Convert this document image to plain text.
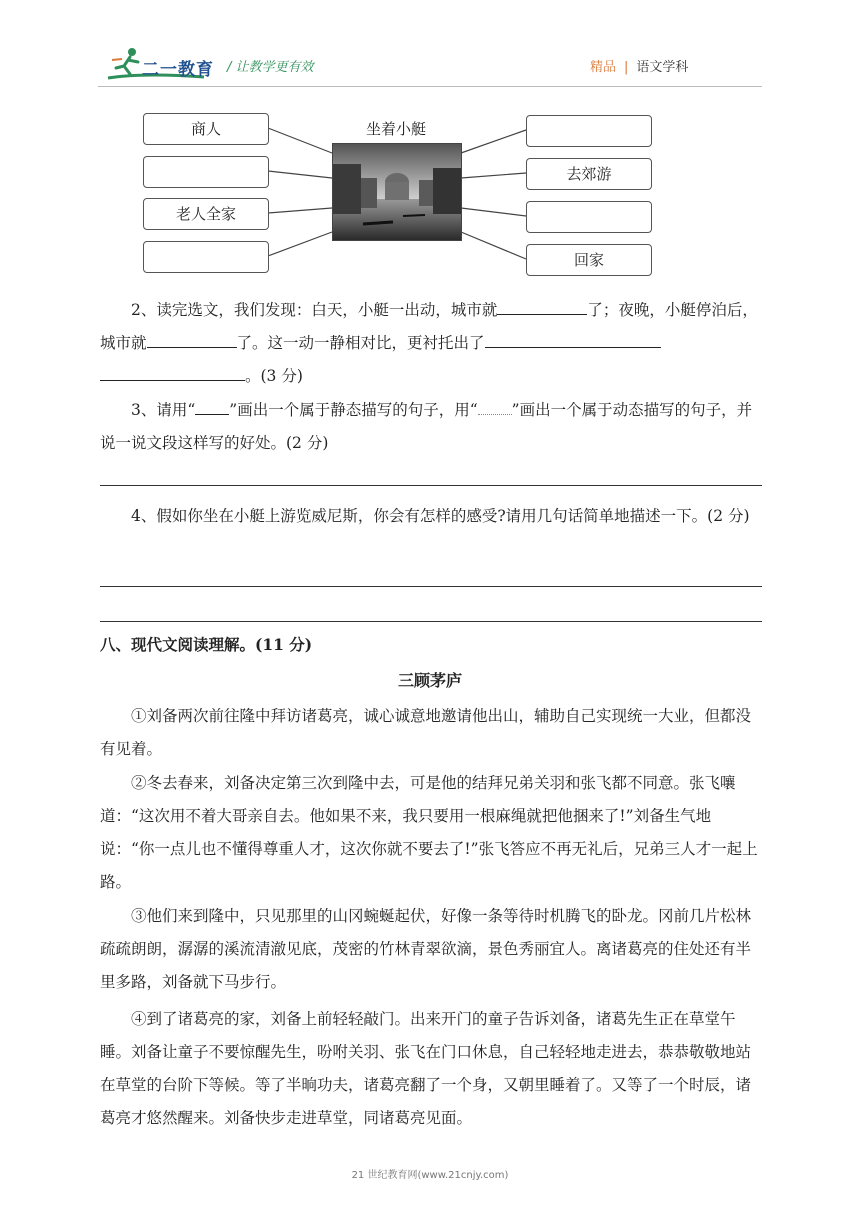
二一教育 / 让教学更有效	精品 | 语文学科
商人
老人全家
去郊游
回家
坐着小艇
2、读完选文，我们发现：白天，小艇一出动，城市就	了；夜晚，小艇停泊后，城市就	了。这一动一静相对比，更衬托出了
。(3 分)
3、请用“ ”画出一个属于静态描写的句子，用“ ”画出一个属于动态描写的句子，并说一说文段这样写的好处。(2 分)
4、假如你坐在小艇上游览威尼斯，你会有怎样的感受?请用几句话简单地描述一下。(2 分)
八、现代文阅读理解。(11 分)
三顾茅庐
①刘备两次前往隆中拜访诸葛亮，诚心诚意地邀请他出山，辅助自己实现统一大业，但都没有见着。
②冬去春来，刘备决定第三次到隆中去，可是他的结拜兄弟关羽和张飞都不同意。张飞嚷道：“这次用不着大哥亲自去。他如果不来，我只要用一根麻绳就把他捆来了!”刘备生气地说：“你一点儿也不懂得尊重人才，这次你就不要去了!”张飞答应不再无礼后，兄弟三人才一起上路。
③他们来到隆中，只见那里的山冈蜿蜒起伏，好像一条等待时机腾飞的卧龙。冈前几片松林疏疏朗朗，潺潺的溪流清澈见底，茂密的竹林青翠欲滴，景色秀丽宜人。离诸葛亮的住处还有半里多路，刘备就下马步行。
④到了诸葛亮的家，刘备上前轻轻敲门。出来开门的童子告诉刘备，诸葛先生正在草堂午睡。刘备让童子不要惊醒先生，吩咐关羽、张飞在门口休息，自己轻轻地走进去，恭恭敬敬地站在草堂的台阶下等候。等了半晌功夫，诸葛亮翻了一个身，又朝里睡着了。又等了一个时辰，诸葛亮才悠然醒来。刘备快步走进草堂，同诸葛亮见面。
21 世纪教育网(www.21cnjy.com)
